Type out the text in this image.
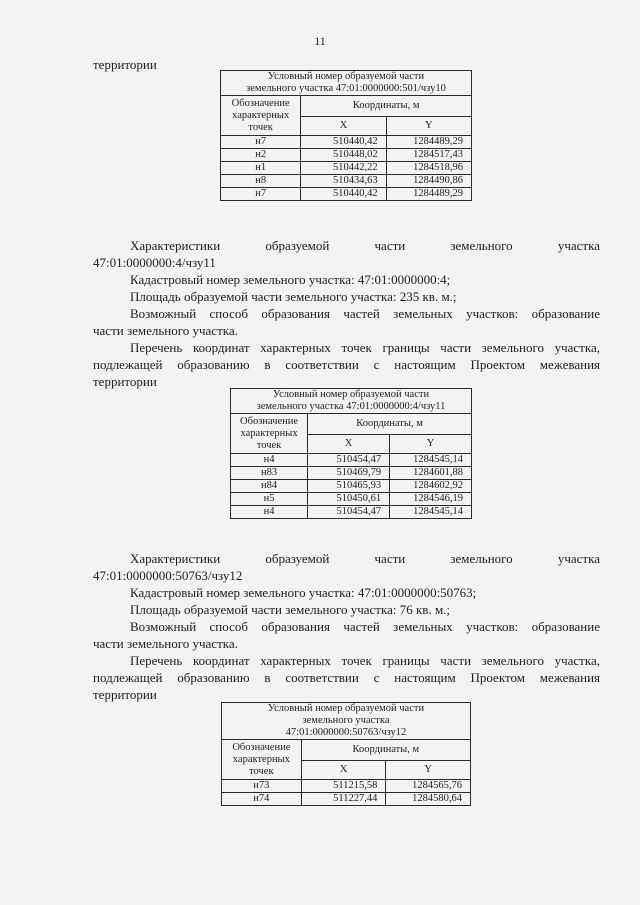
11

территории

Условный номер образуемой части
земельного участка 47:01:0000000:501/чзу10		

Обозначение
характерных
точек	Координаты, м	
	X	Y
н7	510440,42	1284489,29
н2	510448,02	1284517,43
н1	510442,22	1284518,96
н8	510434,63	1284490,86
н7	510440,42	1284489,29

Характеристики образуемой части земельного участка

47:01:0000000:4/чзу11

Кадастровый номер земельного участка: 47:01:0000000:4;

Площадь образуемой части земельного участка: 235 кв. м.;

Возможный способ образования частей земельных участков: образование

части земельного участка.

Перечень координат характерных точек границы части земельного участка,

подлежащей образованию в соответствии с настоящим Проектом межевания

территории

Условный номер образуемой части
земельного участка 47:01:0000000:4/чзу11		

Обозначение
характерных
точек	Координаты, м	
	X	Y
н4	510454,47	1284545,14
н83	510469,79	1284601,88
н84	510465,93	1284602,92
н5	510450,61	1284546,19
н4	510454,47	1284545,14

Характеристики образуемой части земельного участка

47:01:0000000:50763/чзу12

Кадастровый номер земельного участка: 47:01:0000000:50763;

Площадь образуемой части земельного участка: 76 кв. м.;

Возможный способ образования частей земельных участков: образование

части земельного участка.

Перечень координат характерных точек границы части земельного участка,

подлежащей образованию в соответствии с настоящим Проектом межевания

территории

Условный номер образуемой части
земельного участка
47:01:0000000:50763/чзу12		

Обозначение
характерных
точек	Координаты, м	
	X	Y
н73	511215,58	1284565,76
н74	511227,44	1284580,64
